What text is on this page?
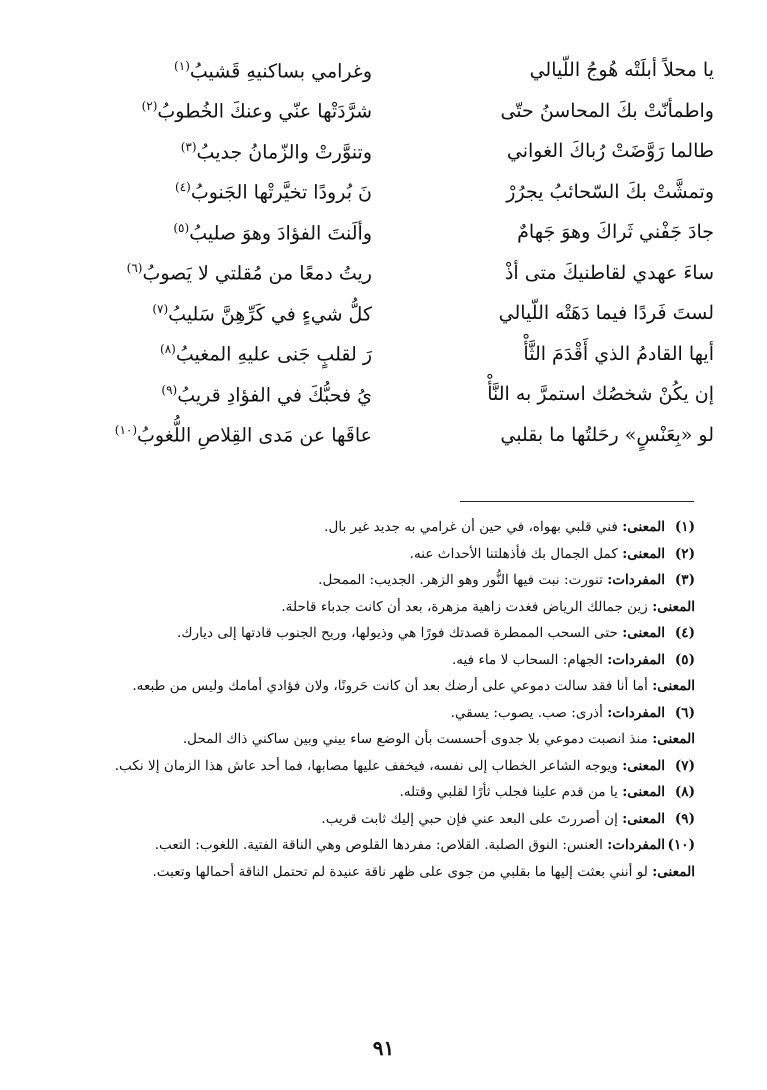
يا محلاً أبلَتْه هُوجُ اللّيالي
وغرامي بساكنيهِ قَشيبُ$^{(١)}$
واطمأنّتْ بكَ المحاسنُ حتّى
شرَّدَتْها عنّي وعنكَ الخُطوبُ$^{(٢)}$
طالما رَوَّضَتْ رُباكَ الغواني
وتنوَّرتْ والزّمانُ جديبُ$^{(٣)}$
وتمشَّتْ بكَ السّحائبُ يجرُرْ
نَ بُرودًا تخيَّرتْها الجَنوبُ$^{(٤)}$
جادَ جَفْني ثَراكَ وهوَ جَهامٌ
وألَنتَ الفؤادَ وهوَ صليبُ$^{(٥)}$
ساءَ عهدي لقاطنيكَ متى أذْ
ريتُ دمعًا من مُقلتي لا يَصوبُ$^{(٦)}$
لستَ فَردًا فيما دَهَتْه اللّيالي
كلُّ شيءٍ في كَرِّهِنَّ سَليبُ$^{(٧)}$
أيها القادمُ الذي أَقْدَمَ الثَّأْ
رَ لقلبٍ جَنى عليهِ المغيبُ$^{(٨)}$
إن يكُنْ شخصُك استمرَّ به النَّأْ
يُ فحبُّكَ في الفؤادِ قريبُ$^{(٩)}$
لو «بِعَنْسٍ» رحَلتُها ما بقلبي
عاقَها عن مَدى القِلاصِ اللُّغوبُ$^{(١٠)}$

(١)المعنى: فني قلبي بهواه، في حين أن غرامي به جديد غير بال.

(٢)المعنى: كمل الجمال بك فأذهلتنا الأحداث عنه.

(٣)المفردات: تنورت: نبت فيها النُّور وهو الزهر. الجديب: الممحل.

المعنى: زين جمالك الرياض فغدت زاهية مزهرة، بعد أن كانت جدباء قاحلة.

(٤)المعنى: حتى السحب الممطرة قصدتك فورًا هي وذيولها، وريح الجنوب قادتها إلى ديارك.

(٥)المفردات: الجهام: السحاب لا ماء فيه.

المعنى: أما أنا فقد سالت دموعي على أرضك بعد أن كانت حَرونًا، ولان فؤادي أمامك وليس من طبعه.

(٦)المفردات: أذرى: صب. يصوب: يسقي.

المعنى: منذ انصبت دموعي بلا جدوى أحسست بأن الوضع ساء بيني وبين ساكني ذاك المحل.

(٧)المعنى: ويوجه الشاعر الخطاب إلى نفسه، فيخفف عليها مصابها، فما أحد عاش هذا الزمان إلا نكب.

(٨)المعنى: يا من قدم علينا فجلب ثأرًا لقلبي وقتله.

(٩)المعنى: إن أصررتَ على البعد عني فإن حبي إليك ثابت قريب.

(١٠)المفردات: العنس: النوق الصلبة. القلاص: مفردها القلوص وهي الناقة الفتية. اللغوب: التعب.

المعنى: لو أنني بعثت إليها ما بقلبي من جوى على ظهر ناقة عنيدة لم تحتمل الناقة أحمالها وتعبت.

٩١
